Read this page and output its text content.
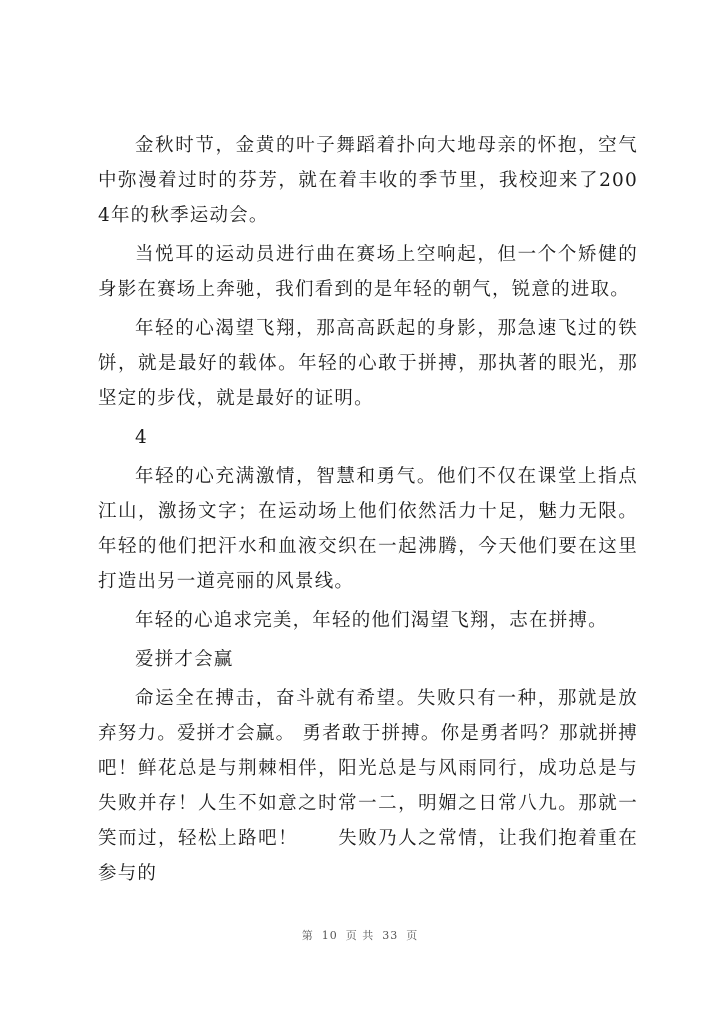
金秋时节，金黄的叶子舞蹈着扑向大地母亲的怀抱，空气中弥漫着过时的芬芳，就在着丰收的季节里，我校迎来了2004年的秋季运动会。

当悦耳的运动员进行曲在赛场上空响起，但一个个矫健的身影在赛场上奔驰，我们看到的是年轻的朝气，锐意的进取。

年轻的心渴望飞翔，那高高跃起的身影，那急速飞过的铁饼，就是最好的载体。年轻的心敢于拼搏，那执著的眼光，那坚定的步伐，就是最好的证明。

4

年轻的心充满激情，智慧和勇气。他们不仅在课堂上指点江山，激扬文字；在运动场上他们依然活力十足，魅力无限。年轻的他们把汗水和血液交织在一起沸腾，今天他们要在这里打造出另一道亮丽的风景线。

年轻的心追求完美，年轻的他们渴望飞翔，志在拼搏。

爱拼才会赢

命运全在搏击，奋斗就有希望。失败只有一种，那就是放弃努力。爱拼才会赢。 勇者敢于拼搏。你是勇者吗？那就拼搏吧！鲜花总是与荆棘相伴，阳光总是与风雨同行，成功总是与失败并存！人生不如意之时常一二，明媚之日常八九。那就一笑而过，轻松上路吧！　　失败乃人之常情，让我们抱着重在参与的

第 10 页 共 33 页
